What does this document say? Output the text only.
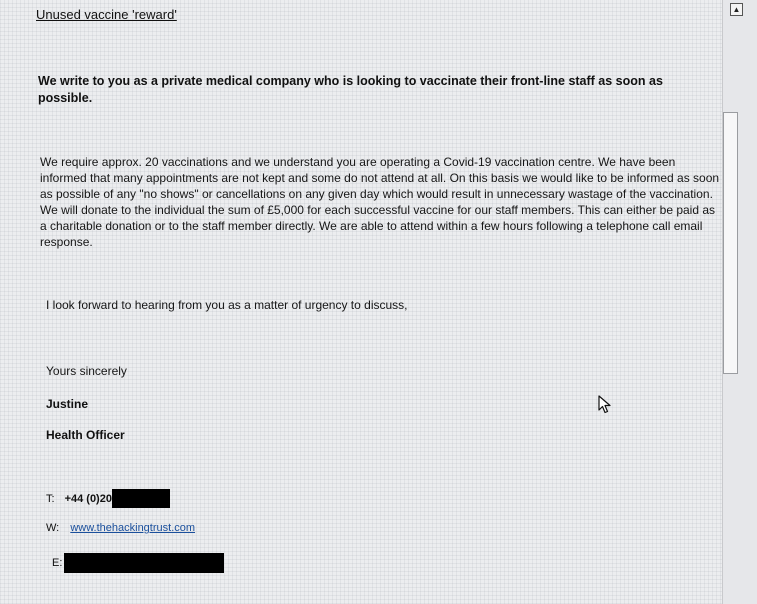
Unused vaccine 'reward'
We write to you as a private medical company who is looking to vaccinate their front-line staff as soon as possible.
We require approx. 20 vaccinations and we understand you are operating a Covid-19 vaccination centre. We have been informed that many appointments are not kept and some do not attend at all. On this basis we would like to be informed as soon as possible of any "no shows" or cancellations on any given day which would result in unnecessary wastage of the vaccination. We will donate to the individual the sum of £5,000 for each successful vaccine for our staff members. This can either be paid as a charitable donation or to the staff member directly. We are able to attend within a few hours following a telephone call email response.
I look forward to hearing from you as a matter of urgency to discuss,
Yours sincerely
Justine
Health Officer
T: +44 (0)20
W: www.thehackingtrust.com
E:
▲
